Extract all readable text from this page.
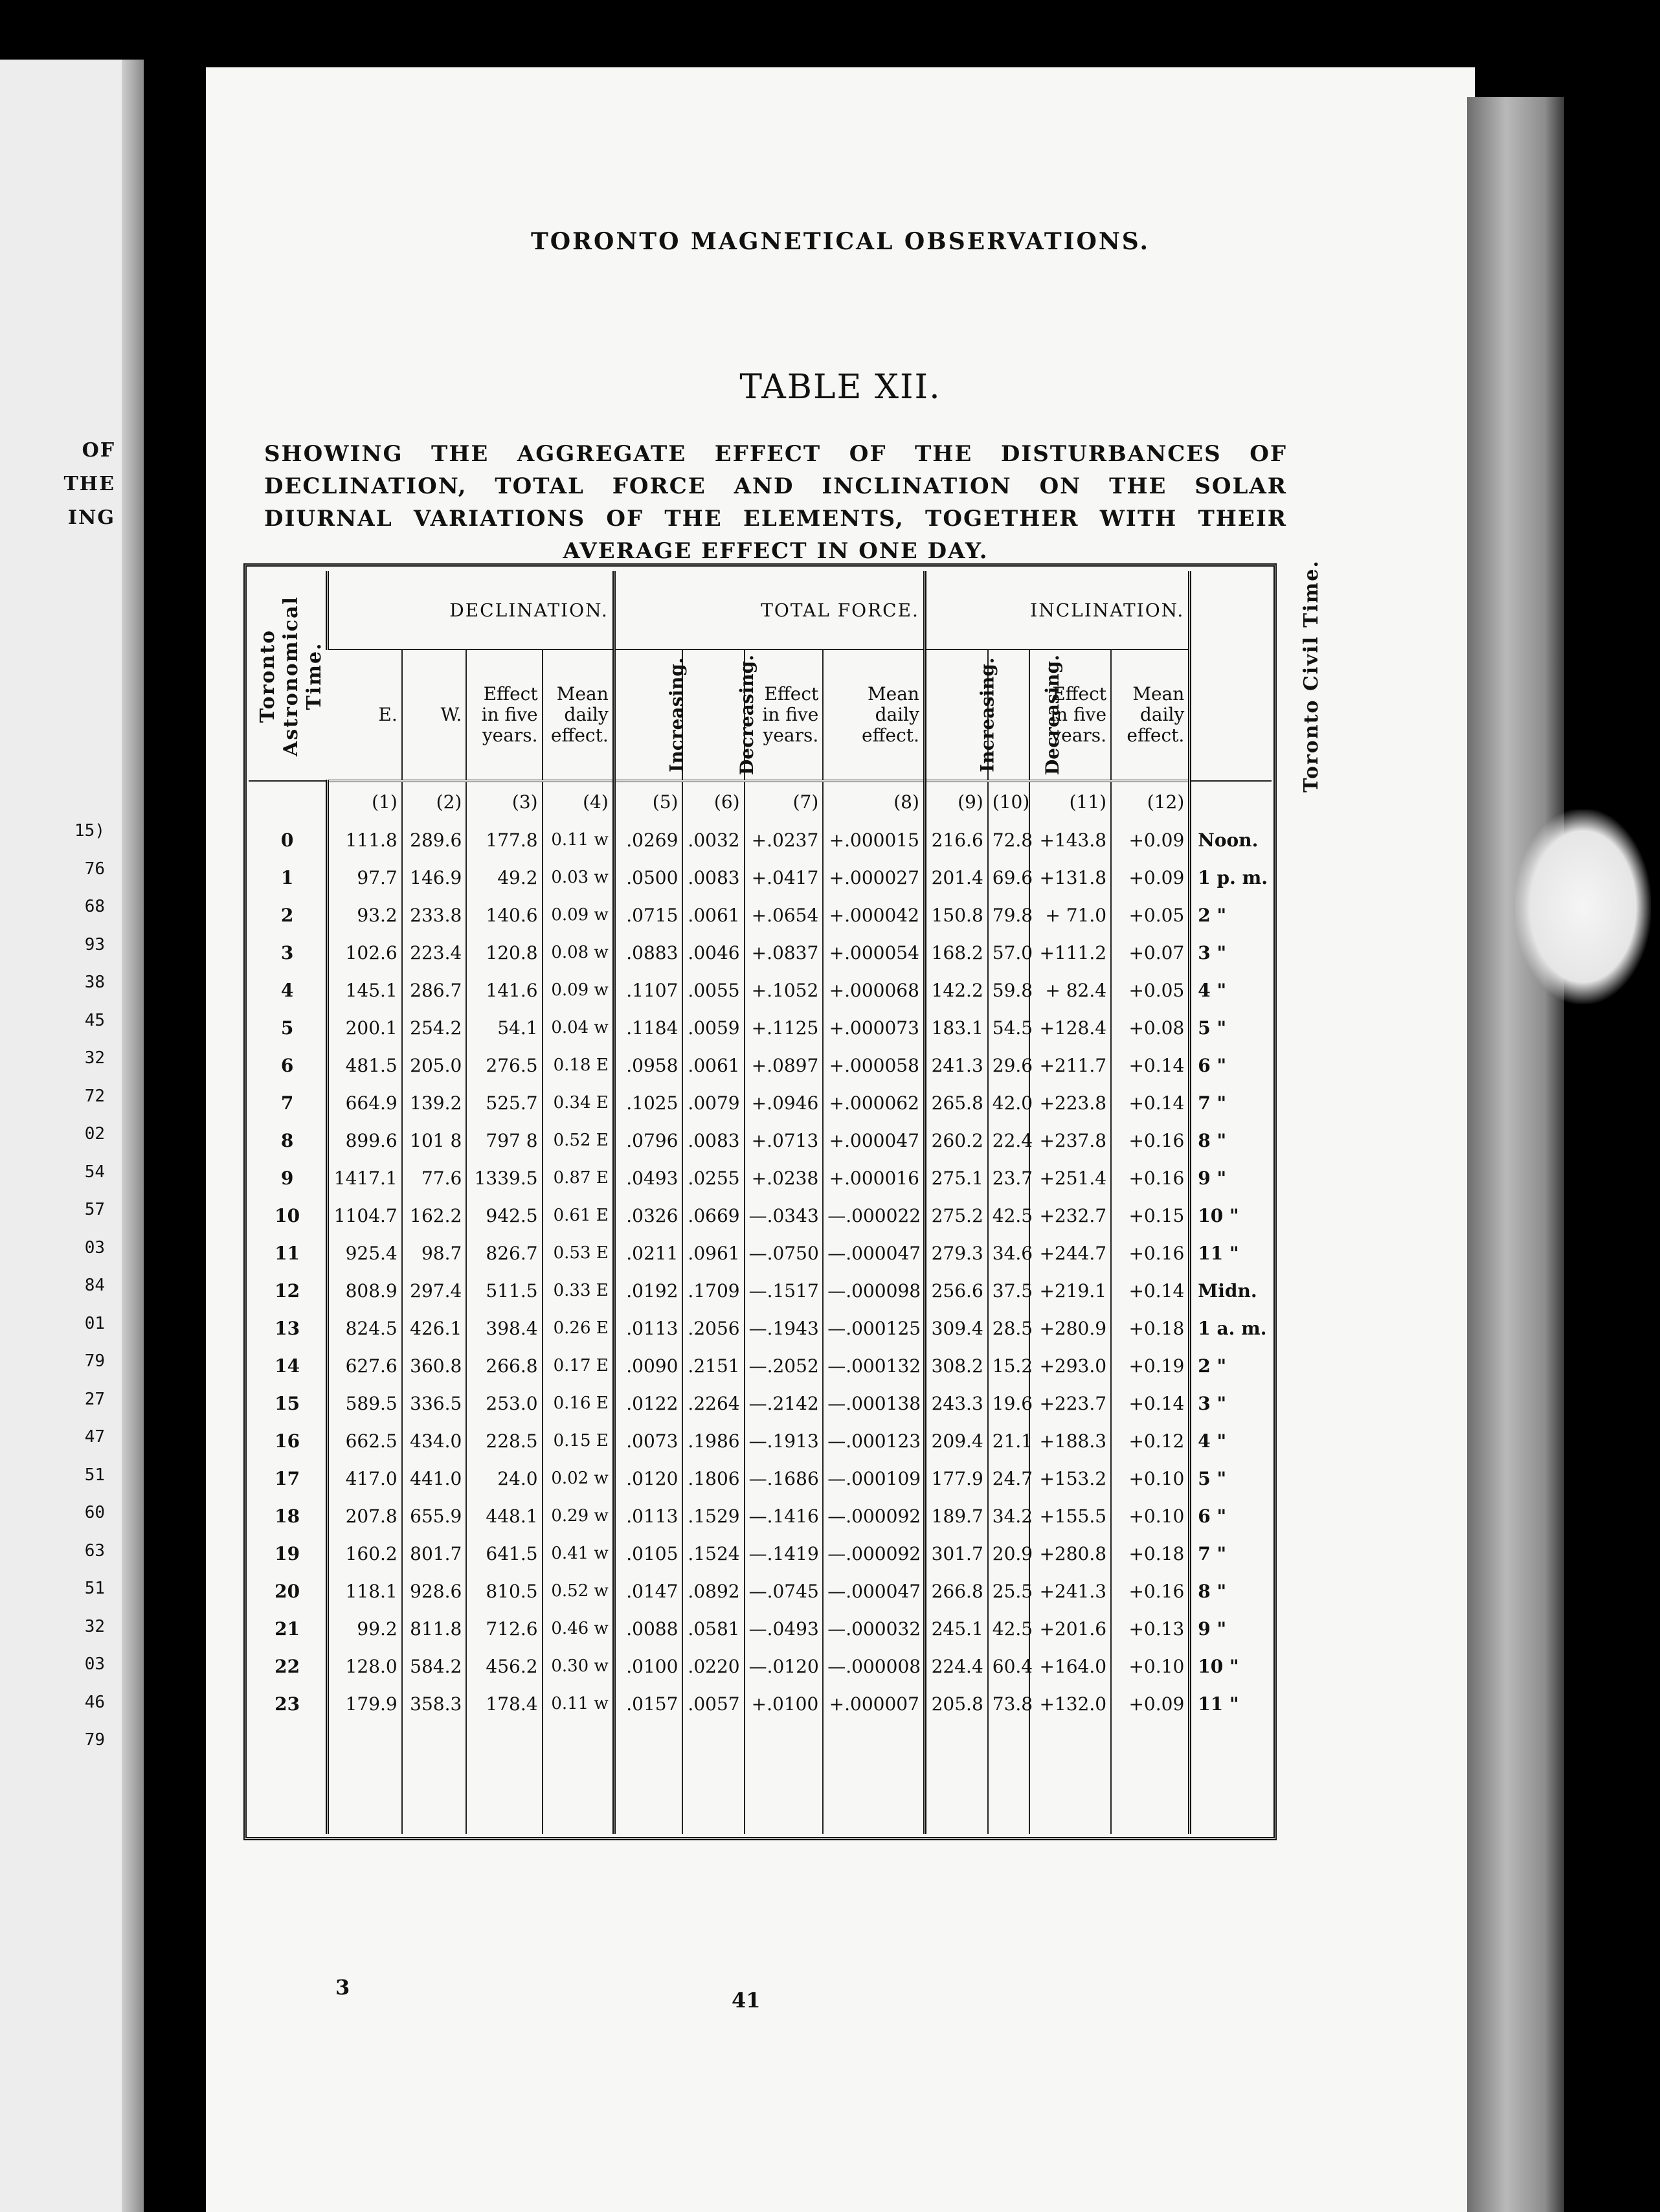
OF
THE
ING
15)
76
68
93
38
45
32
72
02
54
57
03
84
01
79
27
47
51
60
63
51
32
03
46
79
TORONTO MAGNETICAL OBSERVATIONS.
TABLE XII.
SHOWING THE AGGREGATE EFFECT OF THE DISTURBANCES OF DECLINATION, TOTAL FORCE AND INCLINATION ON THE SOLAR DIURNAL VARIATIONS OF THE ELEMENTS, TOGETHER WITH THEIR AVERAGE EFFECT IN ONE DAY.
Toronto Astronomical Time.	DECLINATION.				TOTAL FORCE.				INCLINATION.				Toronto Civil Time.
	E.	W.	Effect
in five
years.	Mean
daily
effect.	Increasing.	Decreasing.	Effect
in five
years.	Mean
daily
effect.	Increasing.	Decreasing.	Effect
in five
years.	Mean
daily
effect.	
	(1)	(2)	(3)	(4)	(5)	(6)	(7)	(8)	(9)	(10)	(11)	(12)	
0	111.8	289.6	177.8	0.11 w	.0269	.0032	+.0237	+.000015	216.6	72.8	+143.8	+0.09	Noon.
1	97.7	146.9	49.2	0.03 w	.0500	.0083	+.0417	+.000027	201.4	69.6	+131.8	+0.09	1 p. m.
2	93.2	233.8	140.6	0.09 w	.0715	.0061	+.0654	+.000042	150.8	79.8	+ 71.0	+0.05	2 "
3	102.6	223.4	120.8	0.08 w	.0883	.0046	+.0837	+.000054	168.2	57.0	+111.2	+0.07	3 "
4	145.1	286.7	141.6	0.09 w	.1107	.0055	+.1052	+.000068	142.2	59.8	+ 82.4	+0.05	4 "
5	200.1	254.2	54.1	0.04 w	.1184	.0059	+.1125	+.000073	183.1	54.5	+128.4	+0.08	5 "
6	481.5	205.0	276.5	0.18 E	.0958	.0061	+.0897	+.000058	241.3	29.6	+211.7	+0.14	6 "
7	664.9	139.2	525.7	0.34 E	.1025	.0079	+.0946	+.000062	265.8	42.0	+223.8	+0.14	7 "
8	899.6	101 8	797 8	0.52 E	.0796	.0083	+.0713	+.000047	260.2	22.4	+237.8	+0.16	8 "
9	1417.1	77.6	1339.5	0.87 E	.0493	.0255	+.0238	+.000016	275.1	23.7	+251.4	+0.16	9 "
10	1104.7	162.2	942.5	0.61 E	.0326	.0669	—.0343	—.000022	275.2	42.5	+232.7	+0.15	10 "
11	925.4	98.7	826.7	0.53 E	.0211	.0961	—.0750	—.000047	279.3	34.6	+244.7	+0.16	11 "
12	808.9	297.4	511.5	0.33 E	.0192	.1709	—.1517	—.000098	256.6	37.5	+219.1	+0.14	Midn.
13	824.5	426.1	398.4	0.26 E	.0113	.2056	—.1943	—.000125	309.4	28.5	+280.9	+0.18	1 a. m.
14	627.6	360.8	266.8	0.17 E	.0090	.2151	—.2052	—.000132	308.2	15.2	+293.0	+0.19	2 "
15	589.5	336.5	253.0	0.16 E	.0122	.2264	—.2142	—.000138	243.3	19.6	+223.7	+0.14	3 "
16	662.5	434.0	228.5	0.15 E	.0073	.1986	—.1913	—.000123	209.4	21.1	+188.3	+0.12	4 "
17	417.0	441.0	24.0	0.02 w	.0120	.1806	—.1686	—.000109	177.9	24.7	+153.2	+0.10	5 "
18	207.8	655.9	448.1	0.29 w	.0113	.1529	—.1416	—.000092	189.7	34.2	+155.5	+0.10	6 "
19	160.2	801.7	641.5	0.41 w	.0105	.1524	—.1419	—.000092	301.7	20.9	+280.8	+0.18	7 "
20	118.1	928.6	810.5	0.52 w	.0147	.0892	—.0745	—.000047	266.8	25.5	+241.3	+0.16	8 "
21	99.2	811.8	712.6	0.46 w	.0088	.0581	—.0493	—.000032	245.1	42.5	+201.6	+0.13	9 "
22	128.0	584.2	456.2	0.30 w	.0100	.0220	—.0120	—.000008	224.4	60.4	+164.0	+0.10	10 "
23	179.9	358.3	178.4	0.11 w	.0157	.0057	+.0100	+.000007	205.8	73.8	+132.0	+0.09	11 "

3
41
